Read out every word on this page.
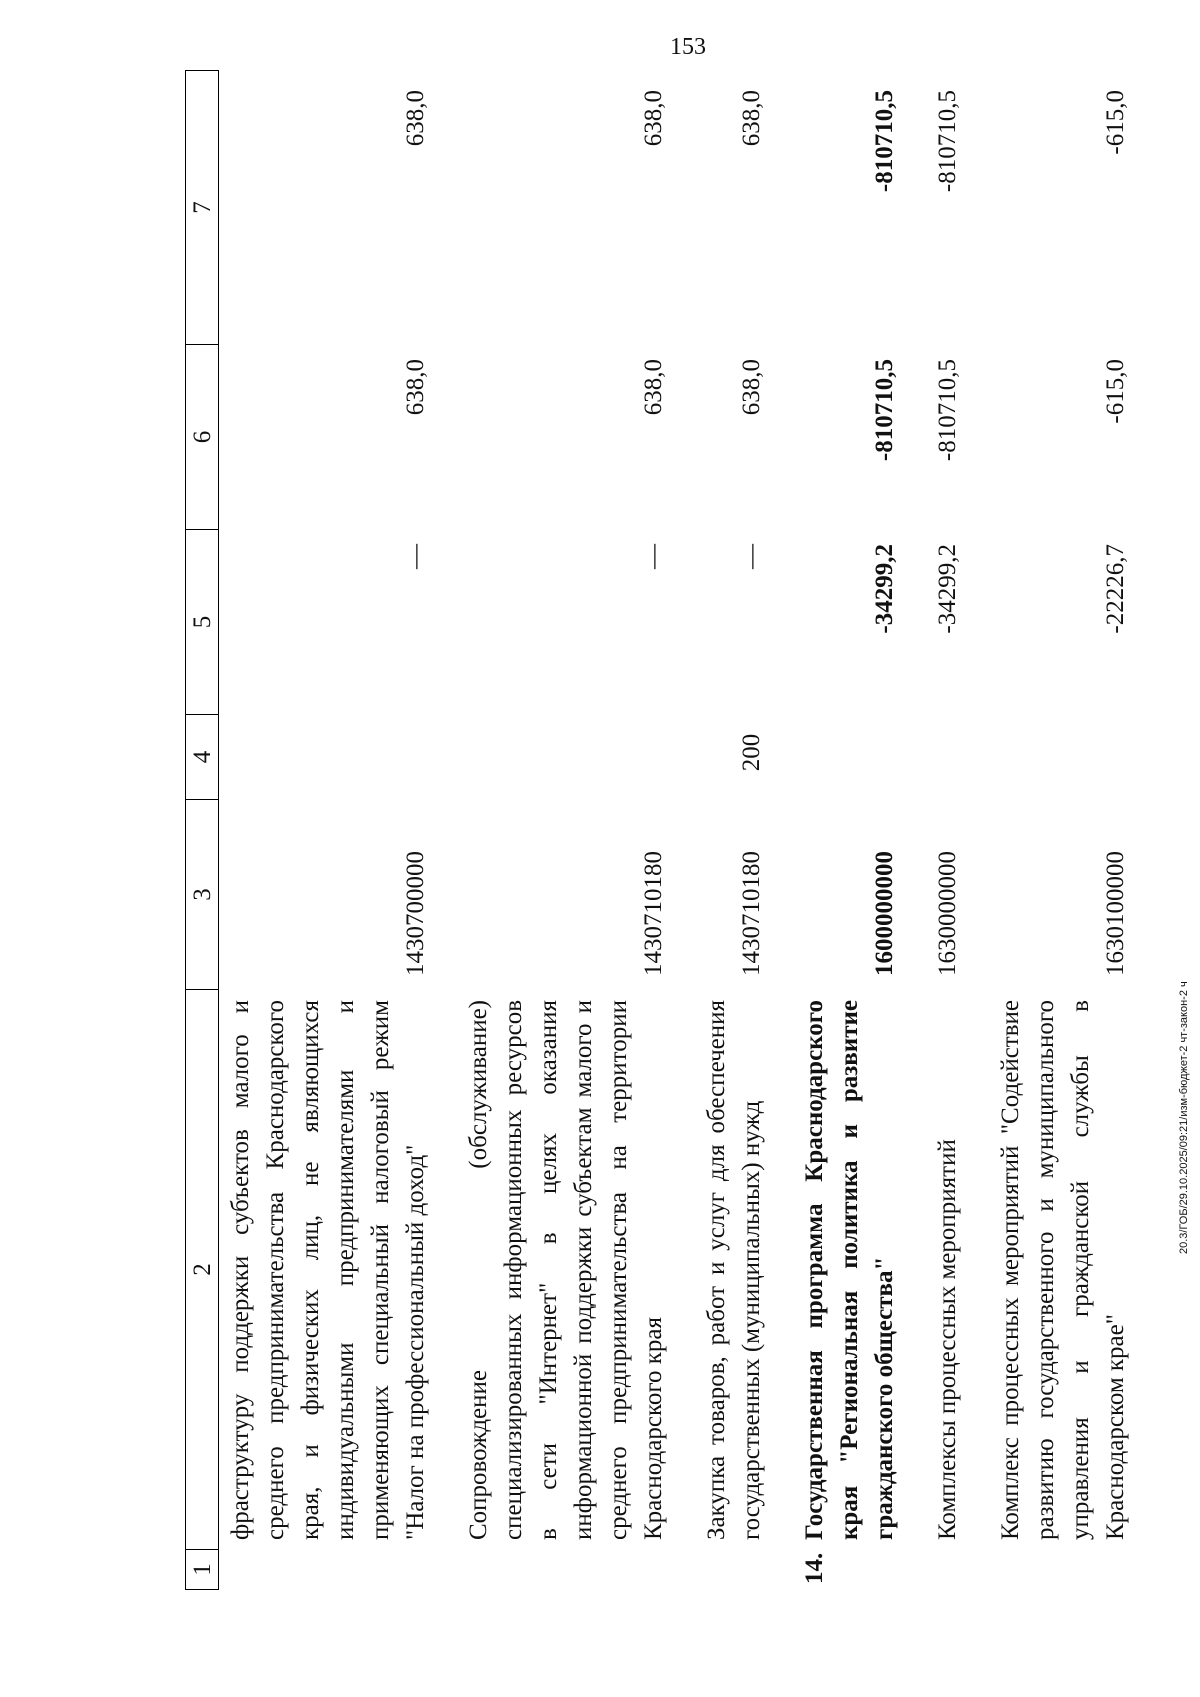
153
20.3/ГОБ/29.10.2025/09:21/изм-бюджет-2 чт-закон-2 ч
1
2
3
4
5
6
7
фраструктуру поддержки субъектов малого и среднего предпринимательства Краснодарского края, и физических лиц, не являющихся индивидуальными предпринимателями и применяющих специальный налоговый режим "Налог на профессиональный доход"
1430700000
—
638,0
638,0
Сопровождение (обслуживание) специализированных информационных ресурсов в сети "Интернет" в целях оказания информационной поддержки субъектам малого и среднего предпринимательства на территории Краснодарского края
1430710180
—
638,0
638,0
Закупка товаров, работ и услуг для обеспечения государственных (муниципальных) нужд
1430710180
200
—
638,0
638,0
14.
Государственная программа Краснодарского края "Региональная политика и развитие гражданского общества"
1600000000
-34299,2
-810710,5
-810710,5
Комплексы процессных мероприятий
1630000000
-34299,2
-810710,5
-810710,5
Комплекс процессных мероприятий "Содействие развитию государственного и муниципального управления и гражданской службы в Краснодарском крае"
1630100000
-22226,7
-615,0
-615,0
